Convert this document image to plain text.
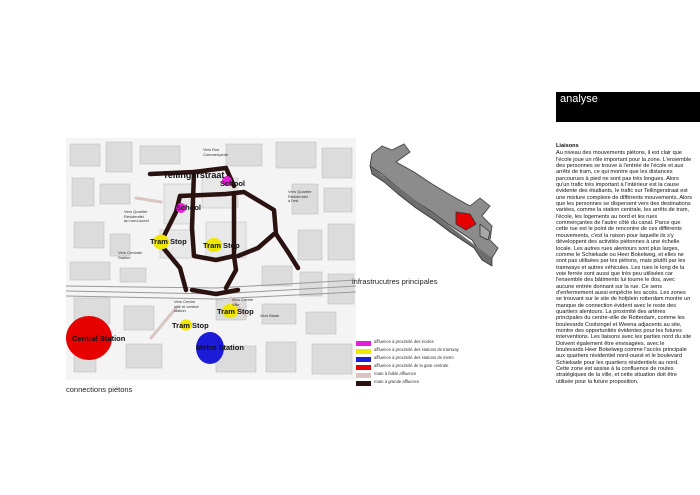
Teilingerstraat
School
School
Tram Stop Tram Stop
Tram Stop
Tram Stop
Central Station
Metro Station
Vers Rue
Commerçante
Vers Quartier
Résidentiel
à l'est
Vers Quartier
Résidentiel
au nord-ouest
Vers Centrale
Station
Vers Centre
ville et central
station
Vers Centre
Ville
Vers Blaak
connections piétons
infrastrucutres principales
affluence à proximité des écoles
affluence à proximité des stations de tramway
affluence à proximité des stations de metro
affluence à proximité de la gare centrale
route à faible affluence
route à grande affluence
analyse
Liaisons

Au niveau des mouvements piétons, il est clair que l'école joue un rôle important pour la zone. L'ensemble des personnes se trouve à l'entrée de l'école et aux arrêts de tram, ce qui montre que les distances parcourues à pied ne sont pas très longues. Alors qu'un trafic très important à l'intérieur est la cause évidente des étudiants, le trafic sur Teilingerstraat est une mixture complexe de différents mouvements. Alors que les personnes se dispersent vers des destinations variées, comme la station centrale, les arrêts de tram, l'école, les logements au nord et les rues commerçantes de l'autre côté du canal. Parce que cette rue est le point de rencontre de ces différents mouvements, c'est la raison pour laquelle ils s'y développent des activités piétonnes à une échelle locale. Les autres rues alentours sont plus larges, comme le Schiekade ou Heer Bokelweg, et elles ne sont pas utilisées par les piétons, mais plutôt par les tramways et autres véhicules. Les rues le long de la voie ferrée sont aussi que très peu utilisées car l'ensemble des bâtiments lui tourne le dos, avec aucune entrée donnant sur la rue. Ce sens d'enfermement aussi empêche les accès. Les zones se trouvant sur le site de hofplein rotterdam montre un manque de connection évident avec le reste des quartiers alentours. La proximité des artères principales du centre-ville de Rotterdam, comme les boulevards Coolsingel et Weena adjacents au site, montre des opportunités évidentes pour les futures interventions. Les liaisons avec les parties nord du site Doivent également être envisagées, avec le boulevards Heer Bokelweg comme l'accès principale aux quartiers résidentiel nord-ouest et le boulevard Schiekade pour les quartiers résidentiels au nord. Cette zone est assise à la confluence de routes stratégiques de la ville, et cette situation doit être utilisée pour la future proposition.
